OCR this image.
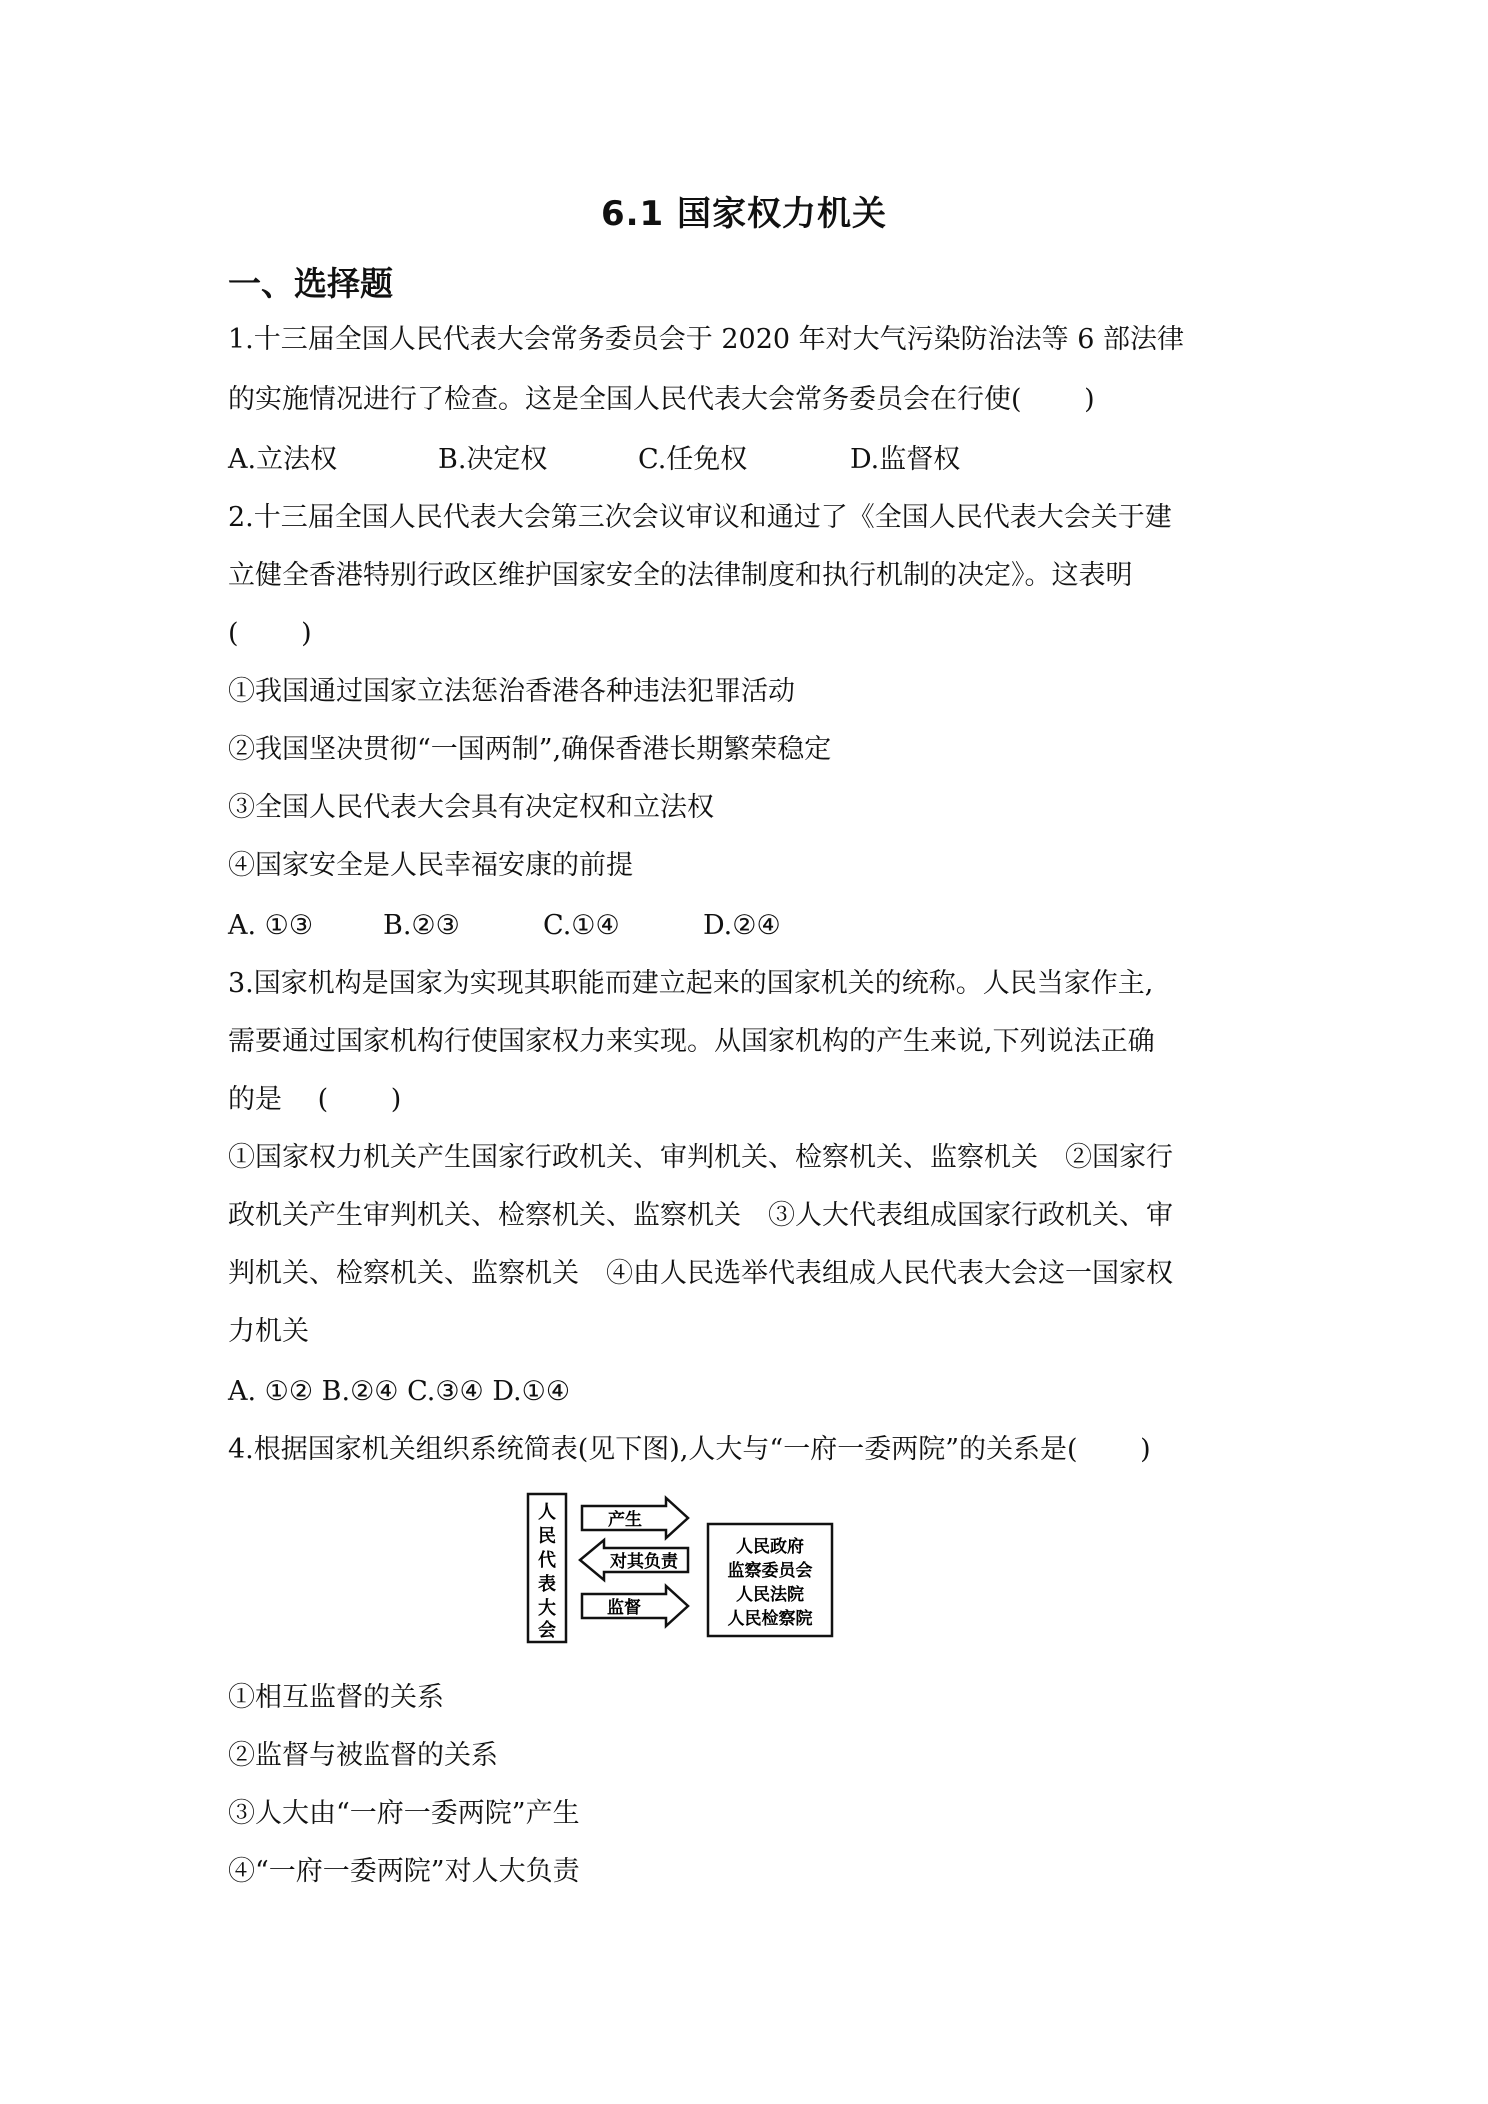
6.1 国家权力机关
一、选择题
1.十三届全国人民代表大会常务委员会于 2020 年对大气污染防治法等 6 部法律
的实施情况进行了检查。这是全国人民代表大会常务委员会在行使(　　 )
A.立法权	B.决定权	C.任免权	D.监督权
2.十三届全国人民代表大会第三次会议审议和通过了《全国人民代表大会关于建
立健全香港特别行政区维护国家安全的法律制度和执行机制的决定》。这表明
(　　 )
①我国通过国家立法惩治香港各种违法犯罪活动
②我国坚决贯彻“一国两制”,确保香港长期繁荣稳定
③全国人民代表大会具有决定权和立法权
④国家安全是人民幸福安康的前提
A. ①③	B.②③	C.①④	D.②④
3.国家机构是国家为实现其职能而建立起来的国家机关的统称。人民当家作主,
需要通过国家机构行使国家权力来实现。从国家机构的产生来说,下列说法正确
的是　 (　　 )
①国家权力机关产生国家行政机关、审判机关、检察机关、监察机关　②国家行
政机关产生审判机关、检察机关、监察机关　③人大代表组成国家行政机关、审
判机关、检察机关、监察机关　④由人民选举代表组成人民代表大会这一国家权
力机关
A. ①② B.②④ C.③④ D.①④
4.根据国家机关组织系统简表(见下图),人大与“一府一委两院”的关系是(　　 )
人
民
代
表
大
会
产生
对其负责
监督
人民政府
监察委员会
人民法院
人民检察院
①相互监督的关系
②监督与被监督的关系
③人大由“一府一委两院”产生
④“一府一委两院”对人大负责
